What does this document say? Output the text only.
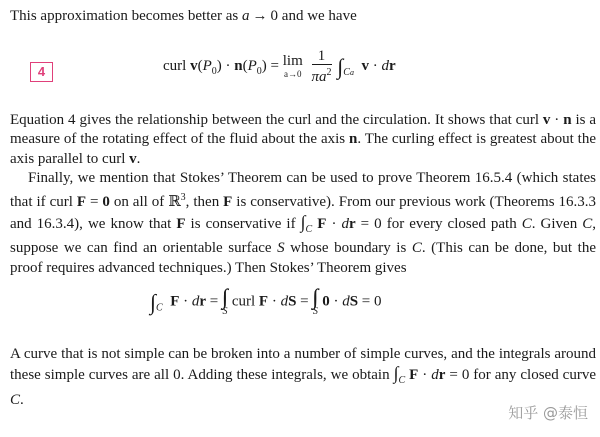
This approximation becomes better as a → 0 and we have
4	curl $v(P_0) \cdot n(P_0) = \lim$
a→0
$\frac{1}{\pi a^2} \int_{Ca}$ v · dr
Equation 4 gives the relationship between the curl and the circulation. It shows that curl v · n is a measure of the rotating effect of the fluid about the axis n. The curling effect is greatest about the axis parallel to curl v.
Finally, we mention that Stokes’ Theorem can be used to prove Theorem 16.5.4 (which states that if curl F = 0 on all of ℝ$^3$, then F is conservative). From our previous work (Theorems 16.3.3 and 16.3.4), we know that F is conservative if $\int_C$ F · dr = 0 for every closed path C. Given C, suppose we can find an orientable surface S whose boundary is C. (This can be done, but the proof requires advanced techniques.) Then Stokes’ Theorem gives
$\int_C$ F · dr = ∫∫
S
curl F · dS = ∫∫
S
0 · dS = 0
A curve that is not simple can be broken into a number of simple curves, and the integrals around these simple curves are all 0. Adding these integrals, we obtain $\int_C$ F · dr = 0 for any closed curve C.
知乎 @泰恒
